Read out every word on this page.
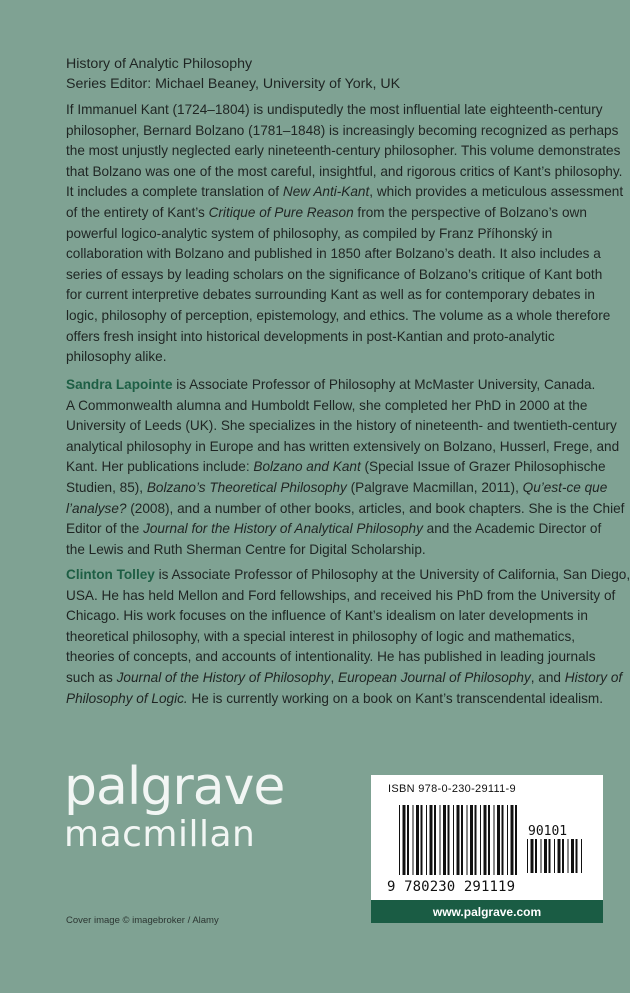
History of Analytic Philosophy
Series Editor: Michael Beaney, University of York, UK
If Immanuel Kant (1724–1804) is undisputedly the most influential late eighteenth-century
philosopher, Bernard Bolzano (1781–1848) is increasingly becoming recognized as perhaps
the most unjustly neglected early nineteenth-century philosopher. This volume demonstrates
that Bolzano was one of the most careful, insightful, and rigorous critics of Kant’s philosophy.
It includes a complete translation of New Anti-Kant, which provides a meticulous assessment
of the entirety of Kant’s Critique of Pure Reason from the perspective of Bolzano’s own
powerful logico-analytic system of philosophy, as compiled by Franz Příhonský in
collaboration with Bolzano and published in 1850 after Bolzano’s death. It also includes a
series of essays by leading scholars on the significance of Bolzano’s critique of Kant both
for current interpretive debates surrounding Kant as well as for contemporary debates in
logic, philosophy of perception, epistemology, and ethics. The volume as a whole therefore
offers fresh insight into historical developments in post-Kantian and proto-analytic
philosophy alike.
Sandra Lapointe is Associate Professor of Philosophy at McMaster University, Canada.
A Commonwealth alumna and Humboldt Fellow, she completed her PhD in 2000 at the
University of Leeds (UK). She specializes in the history of nineteenth- and twentieth-century
analytical philosophy in Europe and has written extensively on Bolzano, Husserl, Frege, and
Kant. Her publications include: Bolzano and Kant (Special Issue of Grazer Philosophische
Studien, 85), Bolzano’s Theoretical Philosophy (Palgrave Macmillan, 2011), Qu’est-ce que
l’analyse? (2008), and a number of other books, articles, and book chapters. She is the Chief
Editor of the Journal for the History of Analytical Philosophy and the Academic Director of
the Lewis and Ruth Sherman Centre for Digital Scholarship.
Clinton Tolley is Associate Professor of Philosophy at the University of California, San Diego,
USA. He has held Mellon and Ford fellowships, and received his PhD from the University of
Chicago. His work focuses on the influence of Kant’s idealism on later developments in
theoretical philosophy, with a special interest in philosophy of logic and mathematics,
theories of concepts, and accounts of intentionality. He has published in leading journals
such as Journal of the History of Philosophy, European Journal of Philosophy, and History of
Philosophy of Logic. He is currently working on a book on Kant’s transcendental idealism.
palgrave
macmillan
Cover image © imagebroker / Alamy
90101
9 780230 291119
ISBN 978-0-230-29111-9
www.palgrave.com
